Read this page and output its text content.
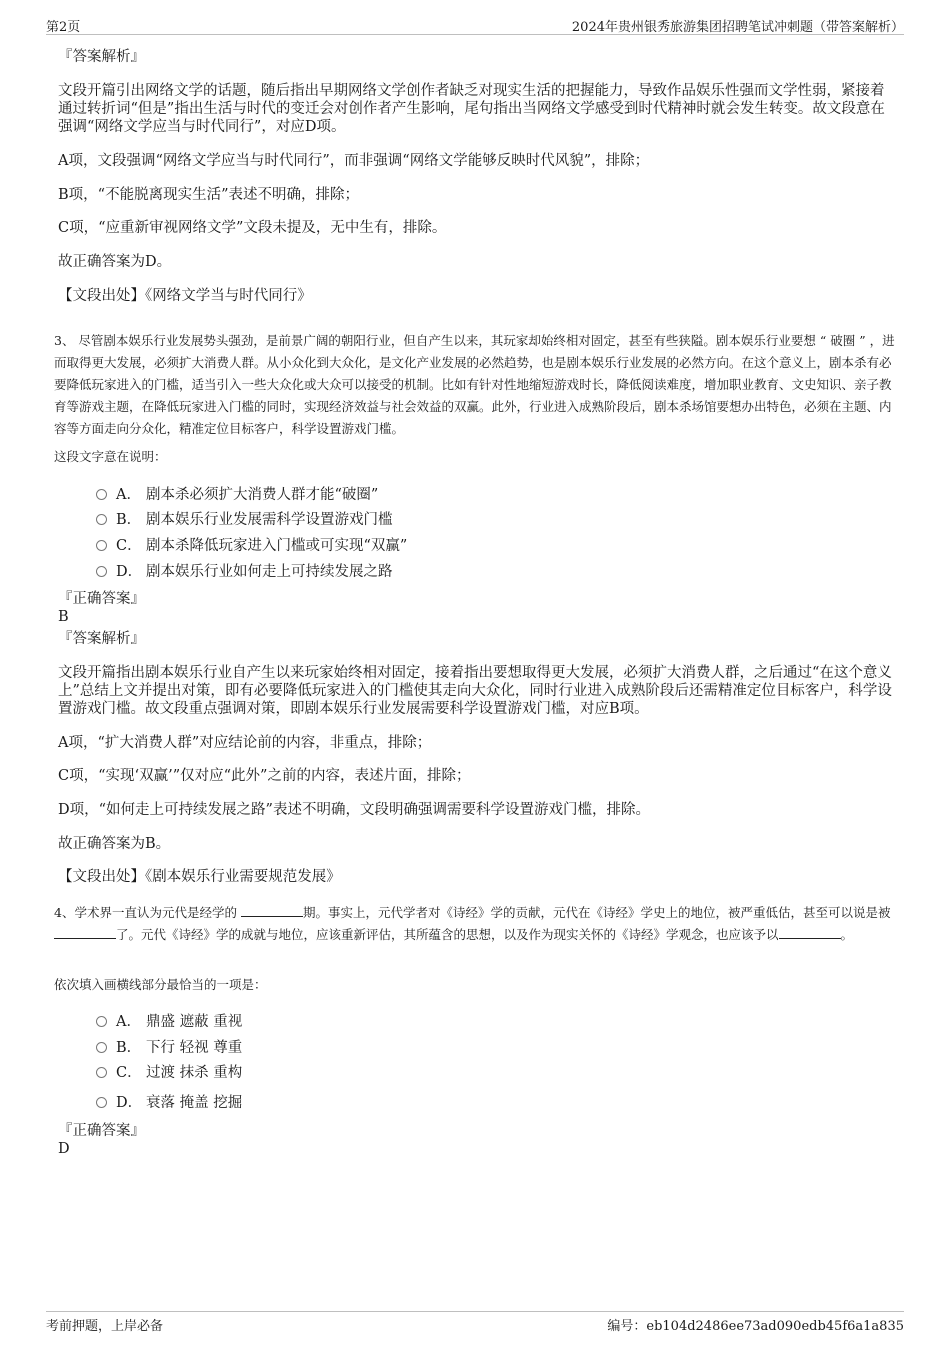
第2页	2024年贵州银秀旅游集团招聘笔试冲刺题（带答案解析）
『答案解析』
文段开篇引出网络文学的话题，随后指出早期网络文学创作者缺乏对现实生活的把握能力，导致作品娱乐性强而文学性弱，紧接着通过转折词“但是”指出生活与时代的变迁会对创作者产生影响，尾句指出当网络文学感受到时代精神时就会发生转变。故文段意在强调“网络文学应当与时代同行”，对应D项。
A项，文段强调“网络文学应当与时代同行”，而非强调“网络文学能够反映时代风貌”，排除；
B项，“不能脱离现实生活”表述不明确，排除；
C项，“应重新审视网络文学”文段未提及，无中生有，排除。
故正确答案为D。
【文段出处】《网络文学当与时代同行》
3、 尽管剧本娱乐行业发展势头强劲，是前景广阔的朝阳行业，但自产生以来，其玩家却始终相对固定，甚至有些狭隘。剧本娱乐行业要想 “ 破圈 ” ，进而取得更大发展，必须扩大消费人群。从小众化到大众化，是文化产业发展的必然趋势，也是剧本娱乐行业发展的必然方向。在这个意义上，剧本杀有必要降低玩家进入的门槛，适当引入一些大众化或大众可以接受的机制。比如有针对性地缩短游戏时长，降低阅读难度，增加职业教育、文史知识、亲子教育等游戏主题，在降低玩家进入门槛的同时，实现经济效益与社会效益的双赢。此外，行业进入成熟阶段后，剧本杀场馆要想办出特色，必须在主题、内容等方面走向分众化，精准定位目标客户，科学设置游戏门槛。
这段文字意在说明：
A． 剧本杀必须扩大消费人群才能“破圈”
B． 剧本娱乐行业发展需科学设置游戏门槛
C． 剧本杀降低玩家进入门槛或可实现“双赢”
D． 剧本娱乐行业如何走上可持续发展之路
『正确答案』
B
『答案解析』
文段开篇指出剧本娱乐行业自产生以来玩家始终相对固定，接着指出要想取得更大发展，必须扩大消费人群，之后通过“在这个意义上”总结上文并提出对策，即有必要降低玩家进入的门槛使其走向大众化，同时行业进入成熟阶段后还需精准定位目标客户，科学设置游戏门槛。故文段重点强调对策，即剧本娱乐行业发展需要科学设置游戏门槛，对应B项。
A项，“扩大消费人群”对应结论前的内容，非重点，排除；
C项，“实现‘双赢’”仅对应“此外”之前的内容，表述片面，排除；
D项，“如何走上可持续发展之路”表述不明确，文段明确强调需要科学设置游戏门槛，排除。
故正确答案为B。
【文段出处】《剧本娱乐行业需要规范发展》
4、学术界一直认为元代是经学的	期。事实上，元代学者对《诗经》学的贡献，元代在《诗经》学史上的地位，被严重低估，甚至可以说是被 了。元代《诗经》学的成就与地位，应该重新评估，其所蕴含的思想，以及作为现实关怀的《诗经》学观念，也应该予以	。
依次填入画横线部分最恰当的一项是：
A． 鼎盛 遮蔽 重视
B． 下行 轻视 尊重
C． 过渡 抹杀 重构
D． 衰落 掩盖 挖掘
『正确答案』
D
考前押题，上岸必备	编号：eb104d2486ee73ad090edb45f6a1a835
